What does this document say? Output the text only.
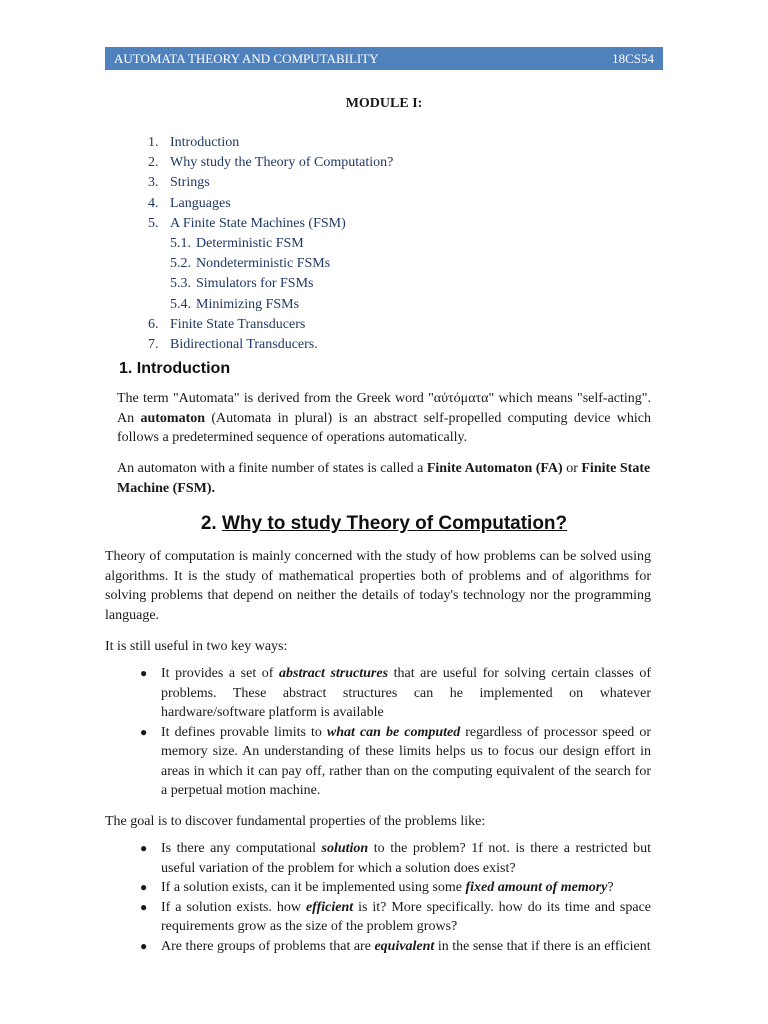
AUTOMATA THEORY AND COMPUTABILITY	18CS54
MODULE I:
1. Introduction
2. Why study the Theory of Computation?
3. Strings
4. Languages
5. A Finite State Machines (FSM)
5.1. Deterministic FSM
5.2. Nondeterministic FSMs
5.3. Simulators for FSMs
5.4. Minimizing FSMs
6. Finite State Transducers
7. Bidirectional Transducers.
1. Introduction
The term "Automata" is derived from the Greek word "αὐτόματα" which means "self-acting". An automaton (Automata in plural) is an abstract self-propelled computing device which follows a predetermined sequence of operations automatically.
An automaton with a finite number of states is called a Finite Automaton (FA) or Finite State Machine (FSM).
2. Why to study Theory of Computation?
Theory of computation is mainly concerned with the study of how problems can be solved using algorithms. It is the study of mathematical properties both of problems and of algorithms for solving problems that depend on neither the details of today's technology nor the programming language.
It is still useful in two key ways:
● It provides a set of abstract structures that are useful for solving certain classes of problems. These abstract structures can he implemented on whatever hardware/software platform is available
● It defines provable limits to what can be computed regardless of processor speed or memory size. An understanding of these limits helps us to focus our design effort in areas in which it can pay off, rather than on the computing equivalent of the search for a perpetual motion machine.
The goal is to discover fundamental properties of the problems like:
● Is there any computational solution to the problem? 1f not. is there a restricted but useful variation of the problem for which a solution does exist?
● If a solution exists, can it be implemented using some fixed amount of memory?
● If a solution exists. how efficient is it? More specifically. how do its time and space requirements grow as the size of the problem grows?
● Are there groups of problems that are equivalent in the sense that if there is an efficient
